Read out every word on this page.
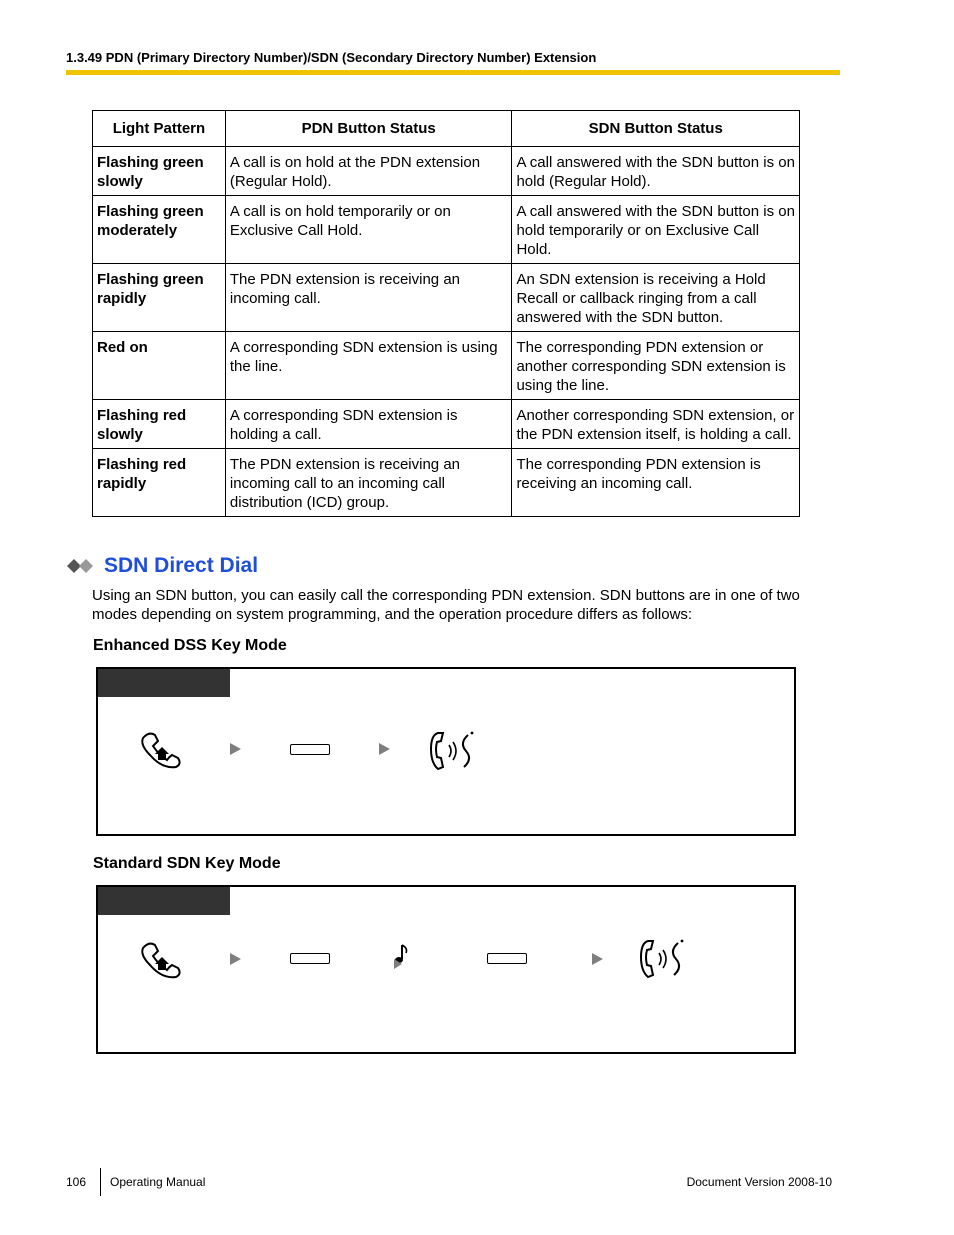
1.3.49 PDN (Primary Directory Number)/SDN (Secondary Directory Number) Extension
Light Pattern	PDN Button Status	SDN Button Status
Flashing green slowly	A call is on hold at the PDN extension (Regular Hold).	A call answered with the SDN button is on hold (Regular Hold).
Flashing green moderately	A call is on hold temporarily or on Exclusive Call Hold.	A call answered with the SDN button is on hold temporarily or on Exclusive Call Hold.
Flashing green rapidly	The PDN extension is receiving an incoming call.	An SDN extension is receiving a Hold Recall or callback ringing from a call answered with the SDN button.
Red on	A corresponding SDN extension is using the line.	The corresponding PDN extension or another corresponding SDN extension is using the line.
Flashing red slowly	A corresponding SDN extension is holding a call.	Another corresponding SDN extension, or the PDN extension itself, is holding a call.
Flashing red rapidly	The PDN extension is receiving an incoming call to an incoming call distribution (ICD) group.	The corresponding PDN extension is receiving an incoming call.
SDN Direct Dial

Using an SDN button, you can easily call the corresponding PDN extension. SDN buttons are in one of two modes depending on system programming, and the operation procedure differs as follows:

Enhanced DSS Key Mode
Standard SDN Key Mode
106 Operating Manual	Document Version 2008-10
